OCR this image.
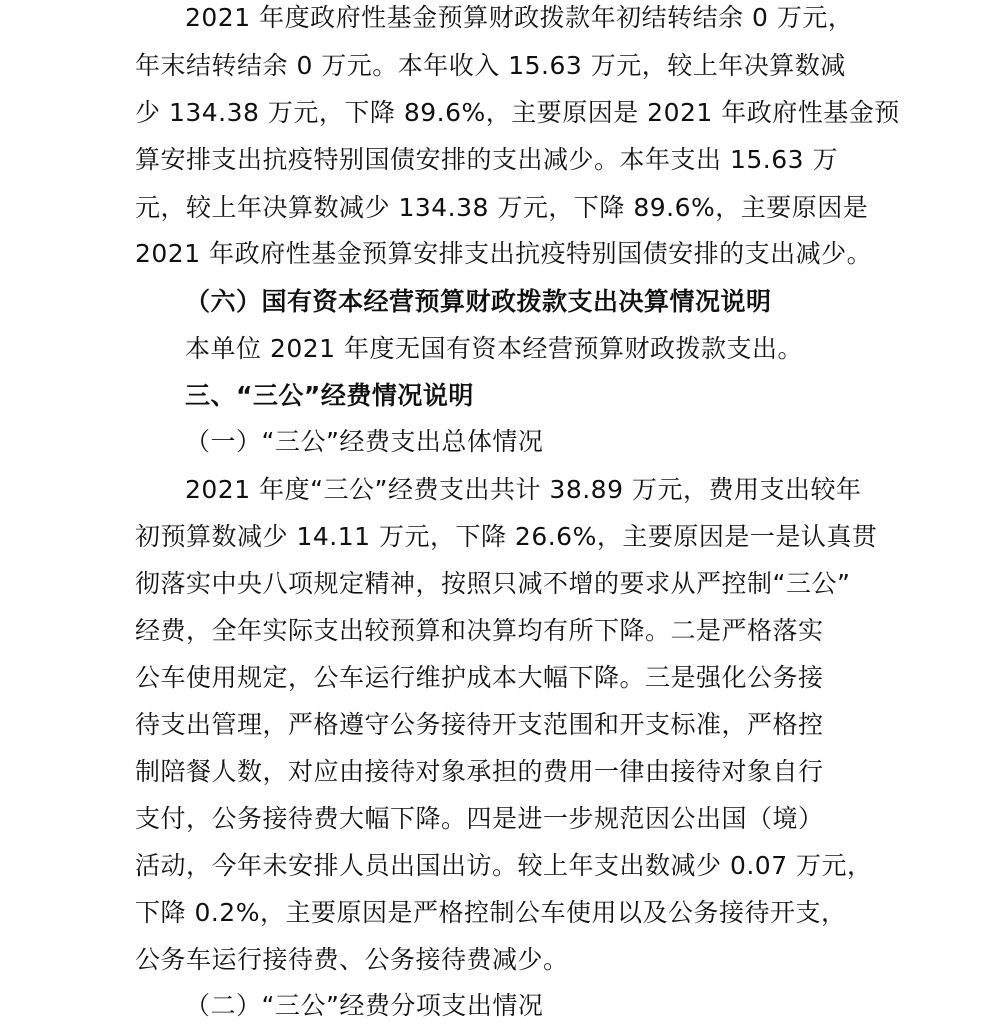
2021 年度政府性基金预算财政拨款年初结转结余 0 万元，
年末结转结余 0 万元。本年收入 15.63 万元，较上年决算数减
少 134.38 万元，下降 89.6%，主要原因是 2021 年政府性基金预
算安排支出抗疫特别国债安排的支出减少。本年支出 15.63 万
元，较上年决算数减少 134.38 万元，下降 89.6%，主要原因是
2021 年政府性基金预算安排支出抗疫特别国债安排的支出减少。
（六）国有资本经营预算财政拨款支出决算情况说明
本单位 2021 年度无国有资本经营预算财政拨款支出。
三、“三公”经费情况说明
（一）“三公”经费支出总体情况
2021 年度“三公”经费支出共计 38.89 万元，费用支出较年
初预算数减少 14.11 万元，下降 26.6%，主要原因是一是认真贯
彻落实中央八项规定精神，按照只减不增的要求从严控制“三公”
经费，全年实际支出较预算和决算均有所下降。二是严格落实
公车使用规定，公车运行维护成本大幅下降。三是强化公务接
待支出管理，严格遵守公务接待开支范围和开支标准，严格控
制陪餐人数，对应由接待对象承担的费用一律由接待对象自行
支付，公务接待费大幅下降。四是进一步规范因公出国（境）
活动，今年未安排人员出国出访。较上年支出数减少 0.07 万元，
下降 0.2%，主要原因是严格控制公车使用以及公务接待开支，
公务车运行接待费、公务接待费减少。
（二）“三公”经费分项支出情况
